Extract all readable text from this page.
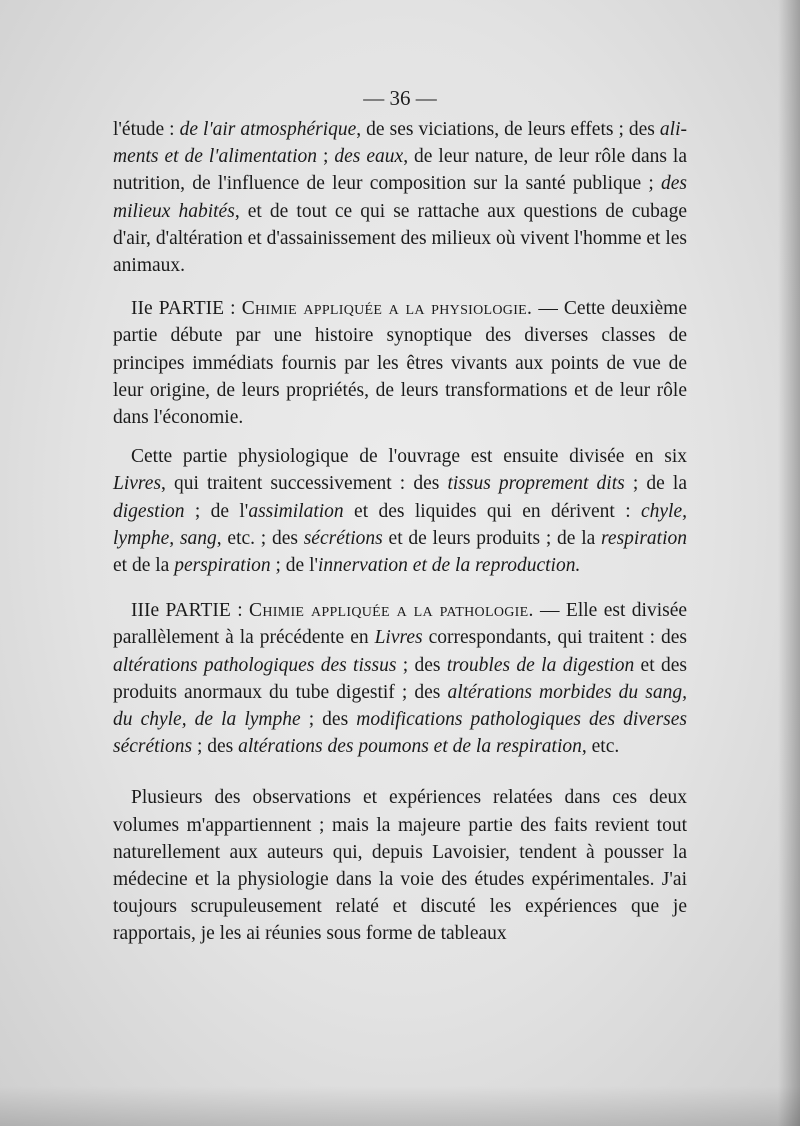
— 36 —

l'étude : de l'air atmosphérique, de ses viciations, de leurs effets ; des aliments et de l'alimentation ; des eaux, de leur nature, de leur rôle dans la nutrition, de l'influence de leur composition sur la santé publique ; des milieux habités, et de tout ce qui se rattache aux questions de cubage d'air, d'altération et d'assainissement des milieux où vivent l'homme et les animaux.

IIe PARTIE : Chimie appliquée a la physiologie. — Cette deuxième partie débute par une histoire synoptique des diverses classes de principes immédiats fournis par les êtres vivants aux points de vue de leur origine, de leurs propriétés, de leurs transformations et de leur rôle dans l'économie.

Cette partie physiologique de l'ouvrage est ensuite divisée en six Livres, qui traitent successivement : des tissus proprement dits ; de la digestion ; de l'assimilation et des liquides qui en dérivent : chyle, lymphe, sang, etc. ; des sécrétions et de leurs produits ; de la respiration et de la perspiration ; de l'innervation et de la reproduction.

IIIe PARTIE : Chimie appliquée a la pathologie. — Elle est divisée parallèlement à la précédente en Livres correspondants, qui traitent : des altérations pathologiques des tissus ; des troubles de la digestion et des produits anormaux du tube digestif ; des altérations morbides du sang, du chyle, de la lymphe ; des modifications pathologiques des diverses sécrétions ; des altérations des poumons et de la respiration, etc.

Plusieurs des observations et expériences relatées dans ces deux volumes m'appartiennent ; mais la majeure partie des faits revient tout naturellement aux auteurs qui, depuis Lavoisier, tendent à pousser la médecine et la physiologie dans la voie des études expérimentales. J'ai toujours scrupuleusement relaté et discuté les expériences que je rapportais, je les ai réunies sous forme de tableaux
